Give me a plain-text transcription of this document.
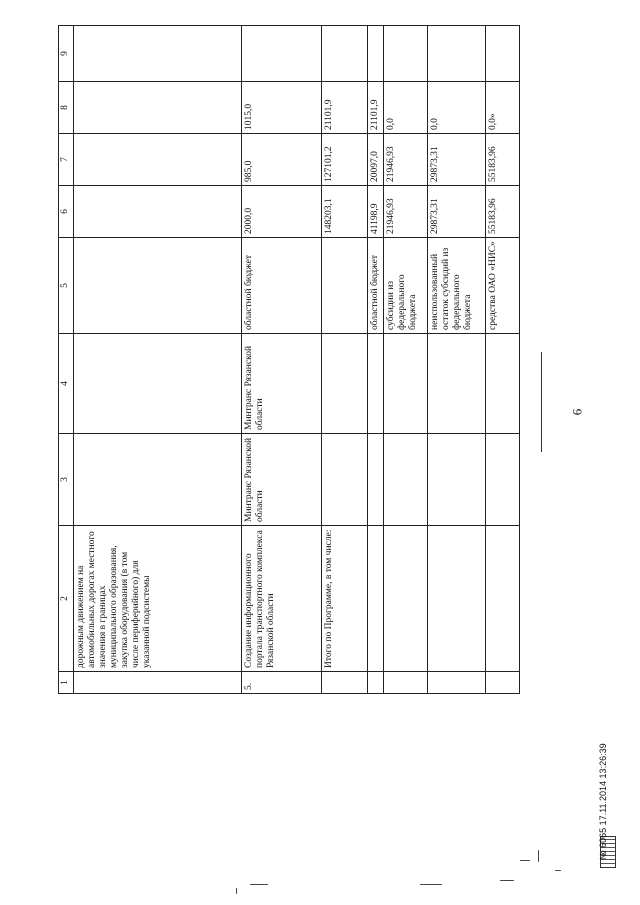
6
1	2	3	4	5	6	7	8	9
	дорожным движением на автомобильных дорогах местного значения в границах муниципального образования, закупка оборудования (в том числе периферийного) для указанной подсистемы							
5.	Создание информационного портала транспортного комплекса Рязанской области	Минтранс Рязанской области	Минтранс Рязанской области	областной бюджет	2000,0	985,0	1015,0	
	Итого по Программе, в том числе:				148203,1	127101,2	21101,9	
				областной бюджет	41198,9	20097,0	21101,9	
				субсидии из федерального бюджета	21946,93	21946,93	0,0	
				неиспользованный остаток субсидий из федерального бюджета	29873,31	29873,31	0,0	
				средства ОАО «НИС»	55183,96	55183,96	0,0»	
№ 6065 17.11.2014 13:26:39
